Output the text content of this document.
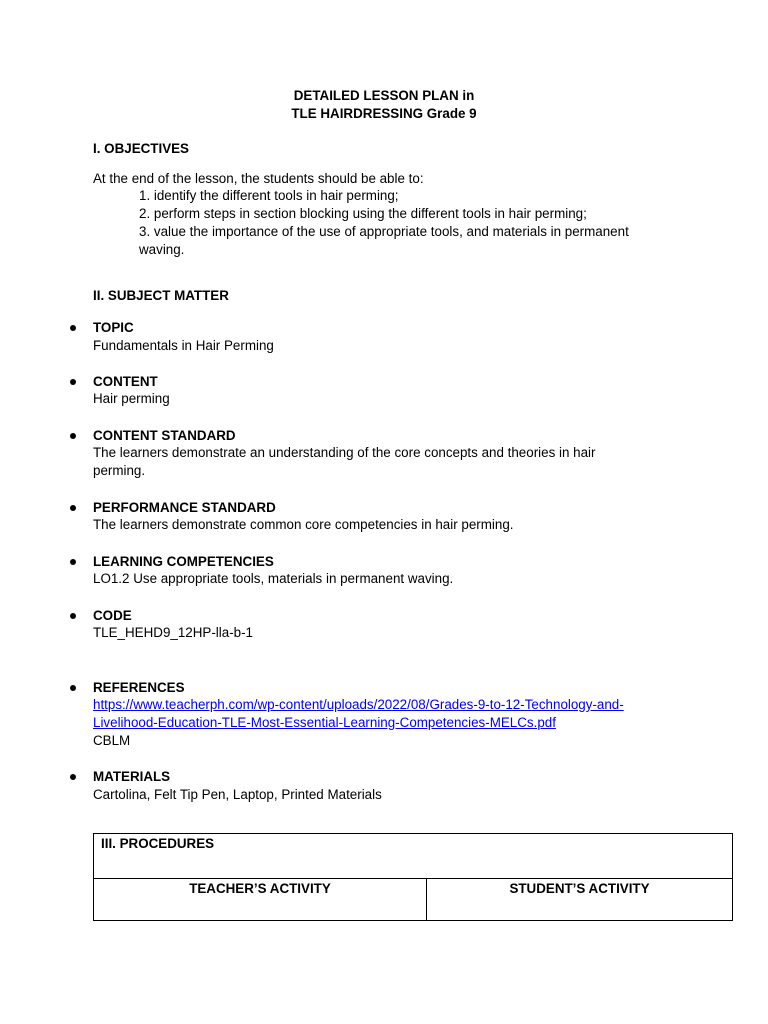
DETAILED LESSON PLAN in
TLE HAIRDRESSING Grade 9
I. OBJECTIVES
At the end of the lesson, the students should be able to:
1. identify the different tools in hair perming;
2. perform steps in section blocking using the different tools in hair perming;
3. value the importance of the use of appropriate tools, and materials in permanent waving.
II. SUBJECT MATTER
TOPIC
Fundamentals in Hair Perming
CONTENT
Hair perming
CONTENT STANDARD
The learners demonstrate an understanding of the core concepts and theories in hair perming.
PERFORMANCE STANDARD
The learners demonstrate common core competencies in hair perming.
LEARNING COMPETENCIES
LO1.2 Use appropriate tools, materials in permanent waving.
CODE
TLE_HEHD9_12HP-lla-b-1
REFERENCES
https://www.teacherph.com/wp-content/uploads/2022/08/Grades-9-to-12-Technology-and-
Livelihood-Education-TLE-Most-Essential-Learning-Competencies-MELCs.pdf
CBLM
MATERIALS
Cartolina, Felt Tip Pen, Laptop, Printed Materials
III. PROCEDURES
TEACHER’S ACTIVITY	STUDENT’S ACTIVITY
